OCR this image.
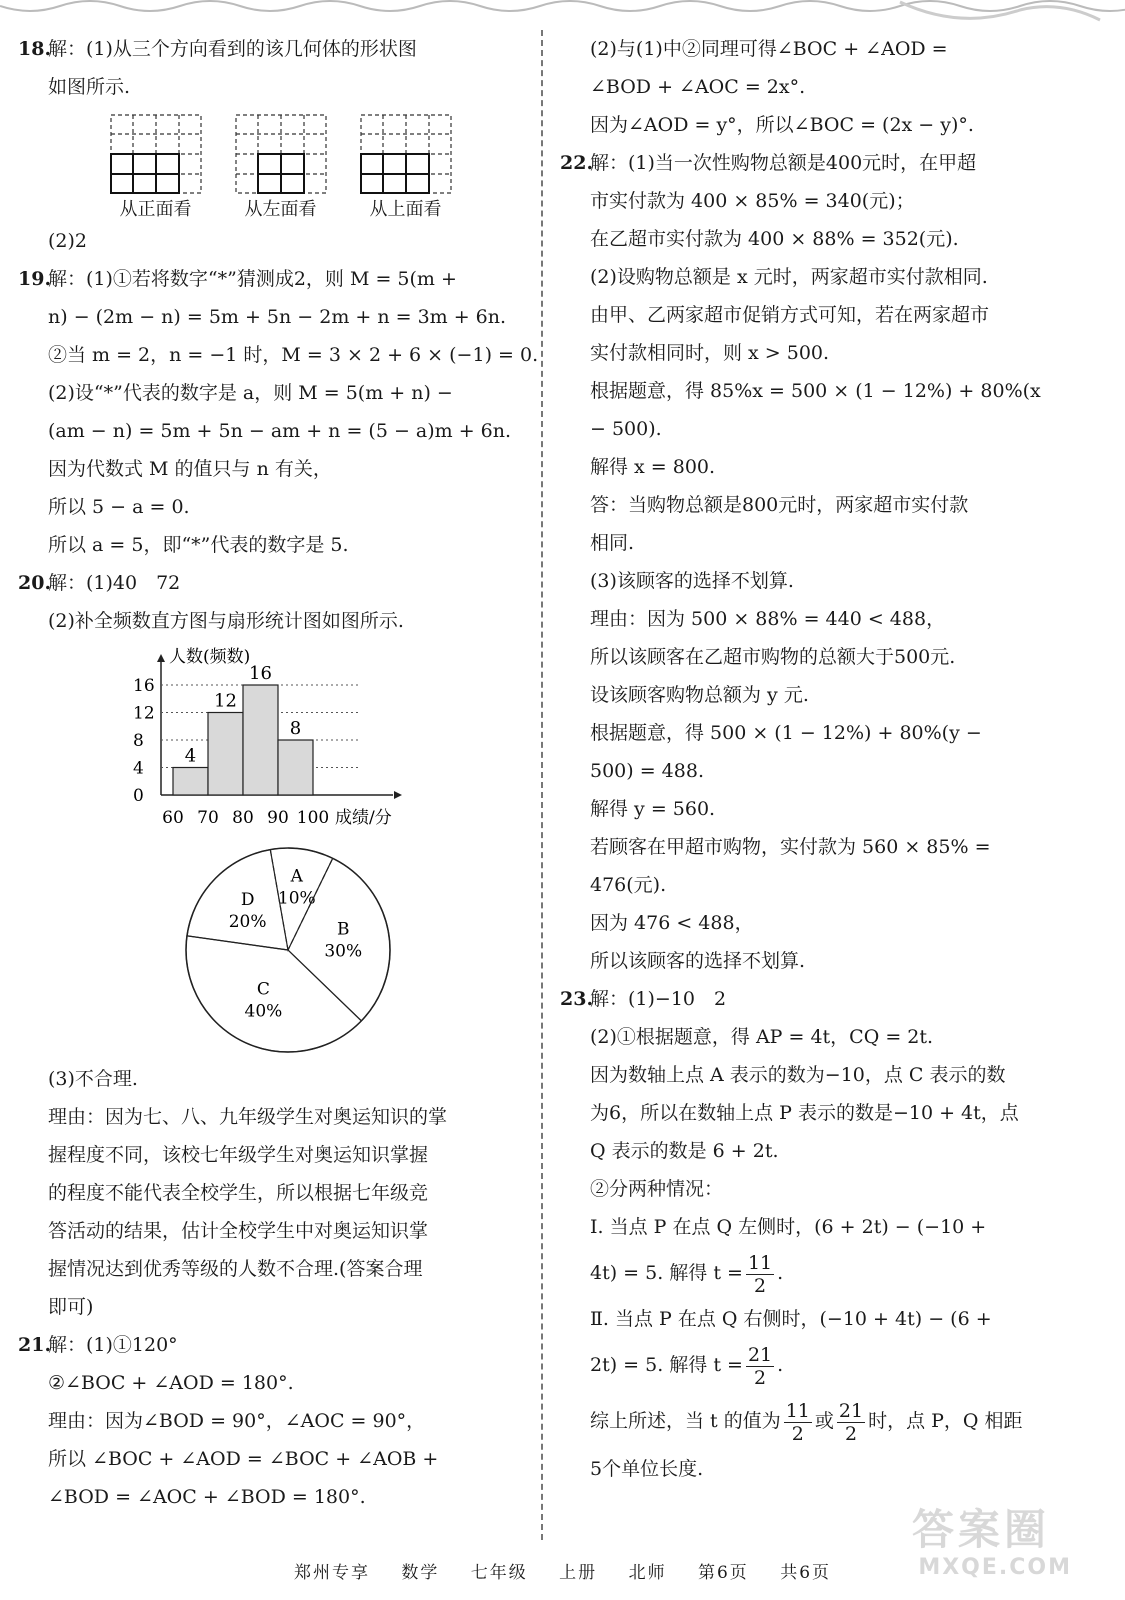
18.解：(1)从三个方向看到的该几何体的形状图
如图所示.
从正面看	从左面看	从上面看
(2)2
19.解：(1)①若将数字“*”猜测成2，则 M = 5(m +
n) − (2m − n) = 5m + 5n − 2m + n = 3m + 6n.
②当 m = 2，n = −1 时，M = 3 × 2 + 6 × (−1) = 0.
(2)设“*”代表的数字是 a，则 M = 5(m + n) −
(am − n) = 5m + 5n − am + n = (5 − a)m + 6n.
因为代数式 M 的值只与 n 有关，
所以 5 − a = 0.
所以 a = 5，即“*”代表的数字是 5.
20.解：(1)40　72
(2)补全频数直方图与扇形统计图如图所示.
人数(频数)
0
4
8
12
16
4
12
16
8
60 70 80 90 100 成绩/分
A
10%
B
30%
C
40%
D
20%
(3)不合理.
理由：因为七、八、九年级学生对奥运知识的掌
握程度不同，该校七年级学生对奥运知识掌握
的程度不能代表全校学生，所以根据七年级竞
答活动的结果，估计全校学生中对奥运知识掌
握情况达到优秀等级的人数不合理.(答案合理
即可)
21.解：(1)①120°
②∠BOC + ∠AOD = 180°.
理由：因为∠BOD = 90°，∠AOC = 90°，
所以 ∠BOC + ∠AOD = ∠BOC + ∠AOB +
∠BOD = ∠AOC + ∠BOD = 180°.
(2)与(1)中②同理可得∠BOC + ∠AOD =
∠BOD + ∠AOC = 2x°.
因为∠AOD = y°，所以∠BOC = (2x − y)°.
22.解：(1)当一次性购物总额是400元时，在甲超
市实付款为 400 × 85% = 340(元)；
在乙超市实付款为 400 × 88% = 352(元).
(2)设购物总额是 x 元时，两家超市实付款相同.
由甲、乙两家超市促销方式可知，若在两家超市
实付款相同时，则 x > 500.
根据题意，得 85%x = 500 × (1 − 12%) + 80%(x
− 500).
解得 x = 800.
答：当购物总额是800元时，两家超市实付款
相同.
(3)该顾客的选择不划算.
理由：因为 500 × 88% = 440 < 488，
所以该顾客在乙超市购物的总额大于500元.
设该顾客购物总额为 y 元.
根据题意，得 500 × (1 − 12%) + 80%(y −
500) = 488.
解得 y = 560.
若顾客在甲超市购物，实付款为 560 × 85% =
476(元).
因为 476 < 488，
所以该顾客的选择不划算.
23.解：(1)−10　2
(2)①根据题意，得 AP = 4t，CQ = 2t.
因为数轴上点 A 表示的数为−10，点 C 表示的数
为6，所以在数轴上点 P 表示的数是−10 + 4t，点
Q 表示的数是 6 + 2t.
②分两种情况：
Ⅰ. 当点 P 在点 Q 左侧时，(6 + 2t) − (−10 +
4t) = 5. 解得 $t = \frac{11}{2}$ .
Ⅱ. 当点 P 在点 Q 右侧时，(−10 + 4t) − (6 +
2t) = 5. 解得 $t = \frac{21}{2}$ .
综上所述，当 t 的值为 $\frac{11}{2}$ 或 $\frac{21}{2}$ 时，点 P，Q 相距
5个单位长度.
答案圈
MXQE.COM
郑州专享 数学 七年级 上册 北师 第6页 共6页
